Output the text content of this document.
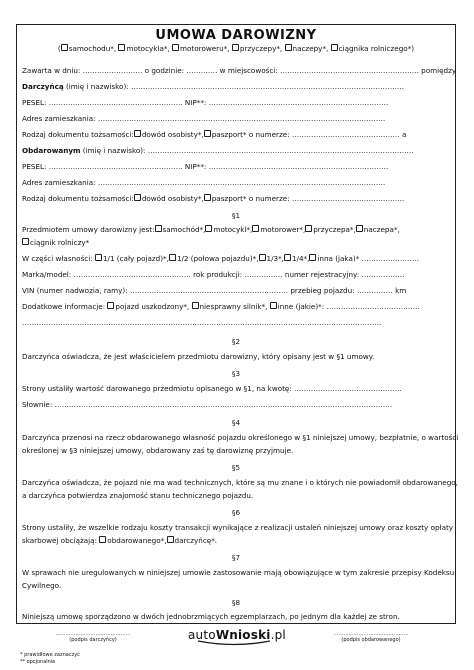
UMOWA DAROWIZNY
( samochodu*, motocykla*, motoroweru*, przyczepy*, naczepy*, ciągnika rolniczego*)
Zawarta w dniu: ……………………. o godzinie: …………. w miejscowości: …………………………………………………. pomiędzy
Darczyńcą (imię i nazwisko): ……………………………………………………………………………………………………
PESEL: ……………………………………………….. NIP**: …………………………………………………………………
Adres zamieszkania: …………………………………………………………………………………………………………
Rodzaj dokumentu tożsamości: dowód osobisty*, paszport* o numerze: ……………………………………… a
Obdarowanym (imię i nazwisko): …………………………………………………………………………………………………
PESEL: ……………………………………………….. NIP**: …………………………………………………………………
Adres zamieszkania: …………………………………………………………………………………………………………
Rodzaj dokumentu tożsamości: dowód osobisty*, paszport* o numerze: ………………………………………..
§1
Przedmiotem umowy darowizny jest: samochód*, motocykl*, motorower*, przyczepa*, naczepa*,
ciągnik rolniczy*
W części własności: 1/1 (cały pojazd)*, 1/2 (połowa pojazdu)*, 1/3*, 1/4*, inna (jaka)* ……………………
Marka/model: …………………………………………. rok produkcji: ……………. numer rejestracyjny: ………………
VIN (numer nadwozia, ramy): ………………………………………………………… przebieg pojazdu: …………… km
Dodatkowe informacje: pojazd uszkodzony*, niesprawny silnik*, inne (jakie)*: …………………………………
……………………………………………………………………………………………………………………………………
§2
Darczyńca oświadcza, że jest właścicielem przedmiotu darowizny, który opisany jest w §1 umowy.
§3
Strony ustaliły wartość darowanego przedmiotu opisanego w §1, na kwotę: ………………………………………
Słownie: ……………………………………………………………………………………………………………………………
§4
Darczyńca przenosi na rzecz obdarowanego własność pojazdu określonego w §1 niniejszej umowy, bezpłatnie, o wartości
określonej w §3 niniejszej umowy, obdarowany zaś tę darowiznę przyjmuje.
§5
Darczyńca oświadcza, że pojazd nie ma wad technicznych, które są mu znane i o których nie powiadomił obdarowanego,
a darczyńca potwierdza znajomość stanu technicznego pojazdu.
§6
Strony ustaliły, że wszelkie rodzaju koszty transakcji wynikające z realizacji ustaleń niniejszej umowy oraz koszty opłaty
skarbowej obciążają: obdarowanego*, darczyńcę*.
§7
W sprawach nie uregulowanych w niniejszej umowie zastosowanie mają obowiązujące w tym zakresie przepisy Kodeksu
Cywilnego.
§8
Niniejszą umowę sporządzono w dwóch jednobrzmiących egzemplarzach, po jednym dla każdej ze stron.
………………………………………
(podpis darczyńcy)
………………………………………
(podpis obdarowanego)
autoWnioski.pl
* prawidłowe zaznaczyć
** opcjonalnie
